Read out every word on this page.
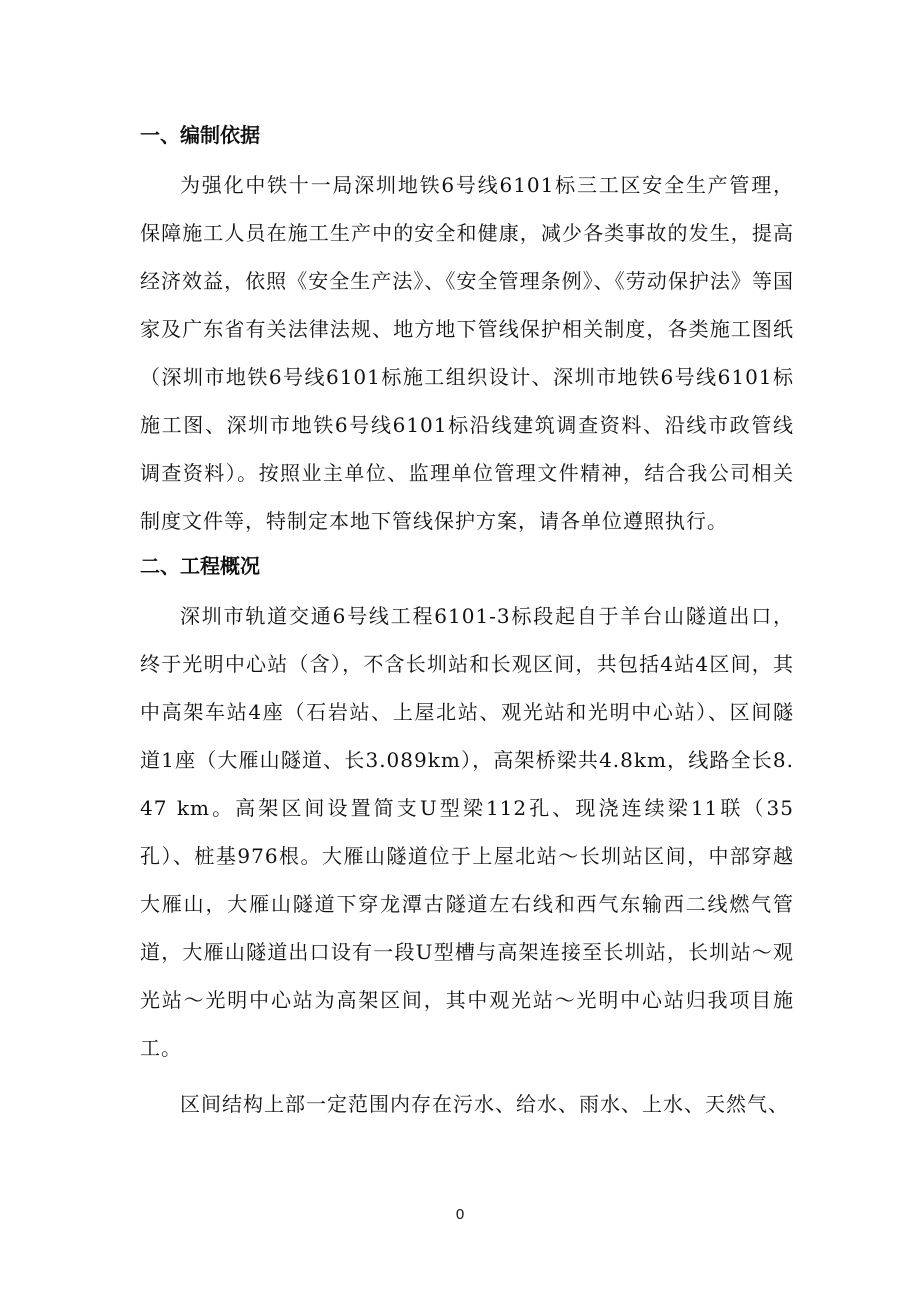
一、编制依据

为强化中铁十一局深圳地铁6号线6101标三工区安全生产管理，保障施工人员在施工生产中的安全和健康，减少各类事故的发生，提高经济效益，依照《安全生产法》、《安全管理条例》、《劳动保护法》等国家及广东省有关法律法规、地方地下管线保护相关制度，各类施工图纸（深圳市地铁6号线6101标施工组织设计、深圳市地铁6号线6101标施工图、深圳市地铁6号线6101标沿线建筑调查资料、沿线市政管线调查资料）。按照业主单位、监理单位管理文件精神，结合我公司相关制度文件等，特制定本地下管线保护方案，请各单位遵照执行。

二、工程概况

深圳市轨道交通6号线工程6101-3标段起自于羊台山隧道出口，终于光明中心站（含），不含长圳站和长观区间，共包括4站4区间，其中高架车站4座（石岩站、上屋北站、观光站和光明中心站）、区间隧道1座（大雁山隧道、长3.089km），高架桥梁共4.8km，线路全长8.47 km。高架区间设置简支U型梁112孔、现浇连续梁11联（35孔）、桩基976根。大雁山隧道位于上屋北站～长圳站区间，中部穿越大雁山，大雁山隧道下穿龙潭古隧道左右线和西气东输西二线燃气管道，大雁山隧道出口设有一段U型槽与高架连接至长圳站，长圳站～观光站～光明中心站为高架区间，其中观光站～光明中心站归我项目施工。

区间结构上部一定范围内存在污水、给水、雨水、上水、天然气、

0
